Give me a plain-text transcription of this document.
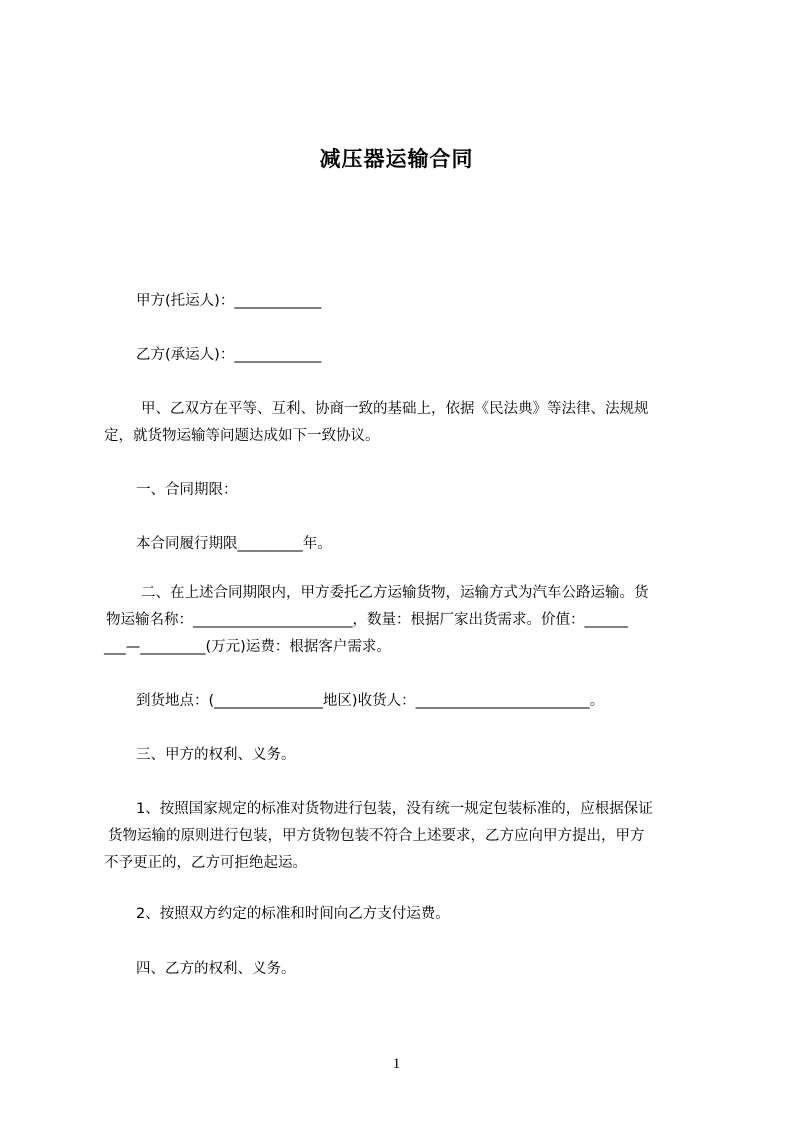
减压器运输合同
甲方(托运人)：____________
乙方(承运人)：____________
甲、乙双方在平等、互利、协商一致的基础上，依据《民法典》等法律、法规规
定，就货物运输等问题达成如下一致协议。
一、合同期限：
本合同履行期限_________年。
二、在上述合同期限内，甲方委托乙方运输货物，运输方式为汽车公路运输。货
物运输名称：______________________，数量：根据厂家出货需求。价值：______
___—_________(万元)运费：根据客户需求。
到货地点：(_______________地区)收货人：________________________。
三、甲方的权利、义务。
1、按照国家规定的标准对货物进行包装，没有统一规定包装标准的，应根据保证
货物运输的原则进行包装，甲方货物包装不符合上述要求，乙方应向甲方提出，甲方
不予更正的，乙方可拒绝起运。
2、按照双方约定的标准和时间向乙方支付运费。
四、乙方的权利、义务。
1
